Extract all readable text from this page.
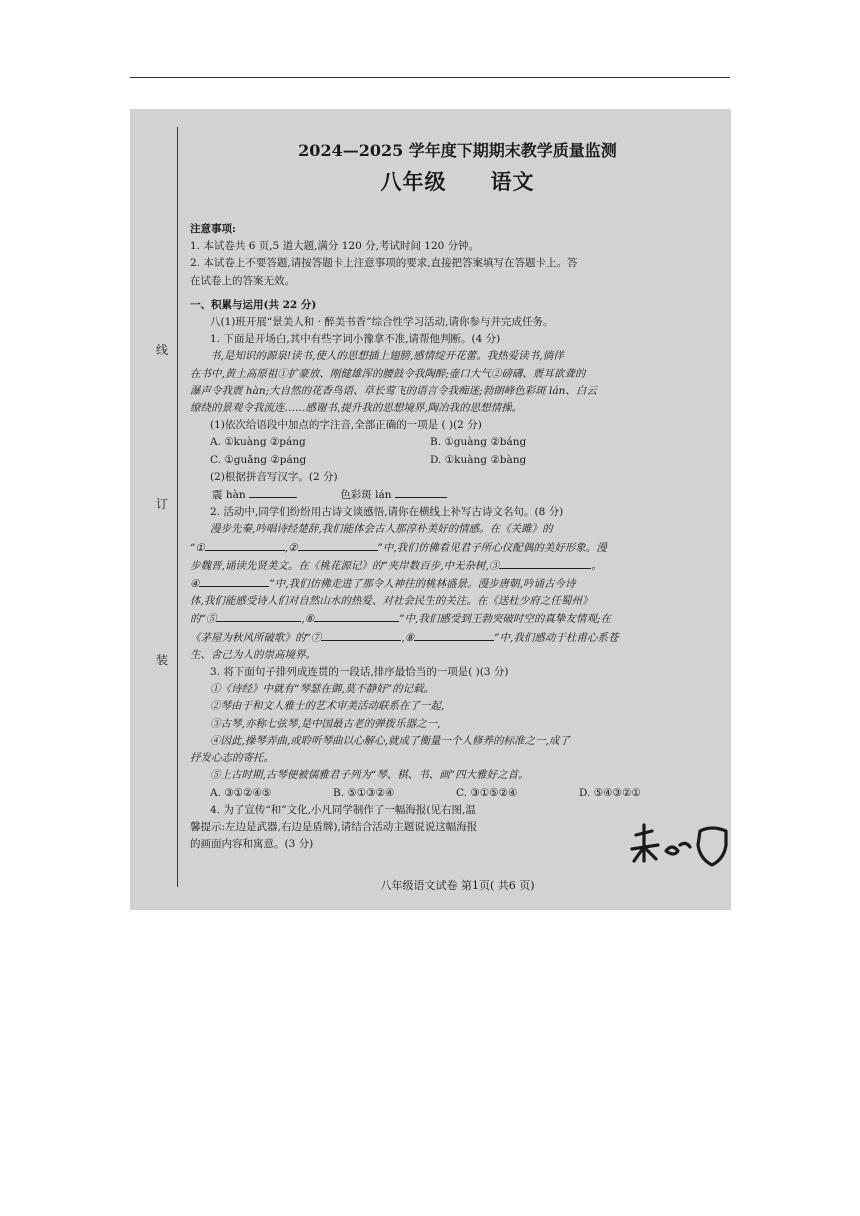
线
订
装
2024—2025 学年度下期期末教学质量监测
八年级 语文

注意事项:

1. 本试卷共 6 页,5 道大题,满分 120 分,考试时间 120 分钟。

2. 本试卷上不要答题,请按答题卡上注意事项的要求,直接把答案填写在答题卡上。答

在试卷上的答案无效。

一、积累与运用(共 22 分)

八(1)班开展“景美人和 · 醉美书香”综合性学习活动,请你参与并完成任务。

1. 下面是开场白,其中有些字词小豫拿不准,请帮他判断。(4 分)

书,是知识的源泉!读书,使人的思想插上翅膀,感情绽开花蕾。我热爱读书,徜徉

在书中,黄土高原祖①扩豪放、刚健雄浑的腰鼓令我陶醉;壶口大气②磅礴、震耳欲聋的

瀑声令我震 hàn;大自然的花香鸟语、草长莺飞的语言令我痴迷;勃朗峰色彩斑 lán、白云

缭绕的景观令我流连……感谢书,提升我的思想境界,陶冶我的思想情操。

(1)依次给语段中加点的字注音,全部正确的一项是 ( )(2 分)

A. ①kuàng ②páng	B. ①guàng ②báng
C. ①guǎng ②páng	D. ①kuàng ②bàng

(2)根据拼音写汉字。(2 分)

震 hàn	色彩斑 lán

2. 活动中,同学们纷纷用古诗文谈感悟,请你在横线上补写古诗文名句。(8 分)

漫步先秦,吟唱诗经楚辞,我们能体会古人那淳朴美好的情感。在《关雎》的

“①	,②	”中,我们仿佛看见君子所心仪配偶的美好形象。漫

步魏晋,诵读先贤美文。在《桃花源记》的“夹岸数百步,中无杂树,③	。

④	”中,我们仿佛走进了那令人神往的桃林盛景。漫步唐朝,吟诵古今诗

体,我们能感受诗人们对自然山水的热爱、对社会民生的关注。在《送杜少府之任蜀州》

的“⑤	,⑥	”中,我们感受到王勃突破时空的真挚友情观;在

《茅屋为秋风所破歌》的“⑦	,⑧	”中,我们感动于杜甫心系苍

生、舍己为人的崇高境界。

3. 将下面句子排列成连贯的一段话,排序最恰当的一项是( )(3 分)

①《诗经》中就有“琴瑟在御,莫不静好”的记载。

②琴由于和文人雅士的艺术审美活动联系在了一起,

③古琴,亦称七弦琴,是中国最古老的弹拨乐器之一,

④因此,操琴弄曲,或聆听琴曲以心解心,就成了衡量一个人修养的标准之一,成了

抒发心志的寄托。

⑤上古时期,古琴便被儒雅君子列为“琴、棋、书、画”四大雅好之首。

A. ③①②④⑤	B. ⑤①③②④	C. ③①⑤②④	D. ⑤④③②①

4. 为了宣传“和”文化,小凡同学制作了一幅海报(见右图,温

馨提示:左边是武器,右边是盾牌),请结合活动主题说说这幅海报

的画面内容和寓意。(3 分)

八年级语文试卷 第1页( 共6 页)
